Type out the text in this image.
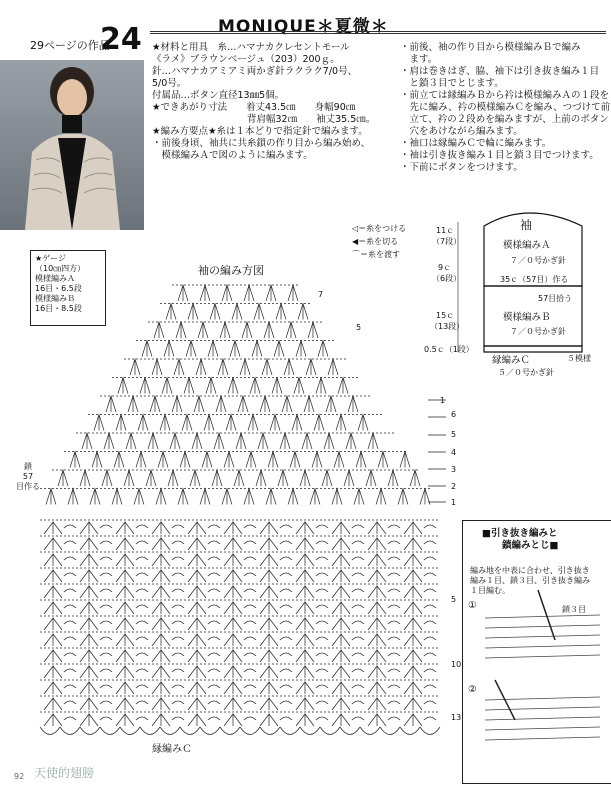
29ページの作品
24	MONIQUE＊夏微＊
★材料と用具　糸…ハマナカクレセントモール
《ラメ》ブラウンベージュ（203）200ｇ。
針…ハマナカアミアミ両かぎ針ラクラク7/0号、
5/0号。
付属品…ボタン直径13㎜5個。
★できあがり寸法　　着丈43.5㎝　　身幅90㎝
　　　　　　　　　　背肩幅32㎝　　袖丈35.5㎝。
★編み方要点★糸は１本どりで指定針で編みます。
・前後身頃、袖共に共糸鎖の作り目から編み始め、
　模様編みＡで図のように編みます。
・前後、袖の作り目から模様編みＢで編み
　ます。
・肩は巻きはぎ、脇、袖下は引き抜き編み１目
　と鎖３目でとじます。
・前立ては縁編みＢから衿は模様編みＡの１段を
　先に編み、衿の模様編みＣを編み、つづけて前
　立て、衿の２段めを編みますが、上前のボタン
　穴をあけながら編みます。
・袖口は縁編みＣで輪に編みます。
・袖は引き抜き編み１目と鎖３目でつけます。
・下前にボタンをつけます。
◁＝糸をつける
◀＝糸を切る
⌒＝糸を渡す
★ゲージ
（10㎝四方）
模様編みＡ
16目・6.5段
模様編みＢ
16目・8.5段
袖の編み方図
鎖
57
目作る
7
5
1
6
5
4
3
2
1
5
10
13
縁編みＣ
袖
模様編みＡ
７／０号かぎ針
35ｃ（57目）作る
57目拾う
模様編みＢ
７／０号かぎ針
縁編みＣ
５／０号かぎ針
５模様
11ｃ
（7段）
9ｃ
（6段）
15ｃ
（13段）
0.5ｃ（1段）
■引き抜き編みと
鎖編みとじ■
編み地を中表に合わせ、引き抜き
編み１目、鎖３目、引き抜き編み
１目編む。
①	鎖３目
②
92 天使的翅膀
